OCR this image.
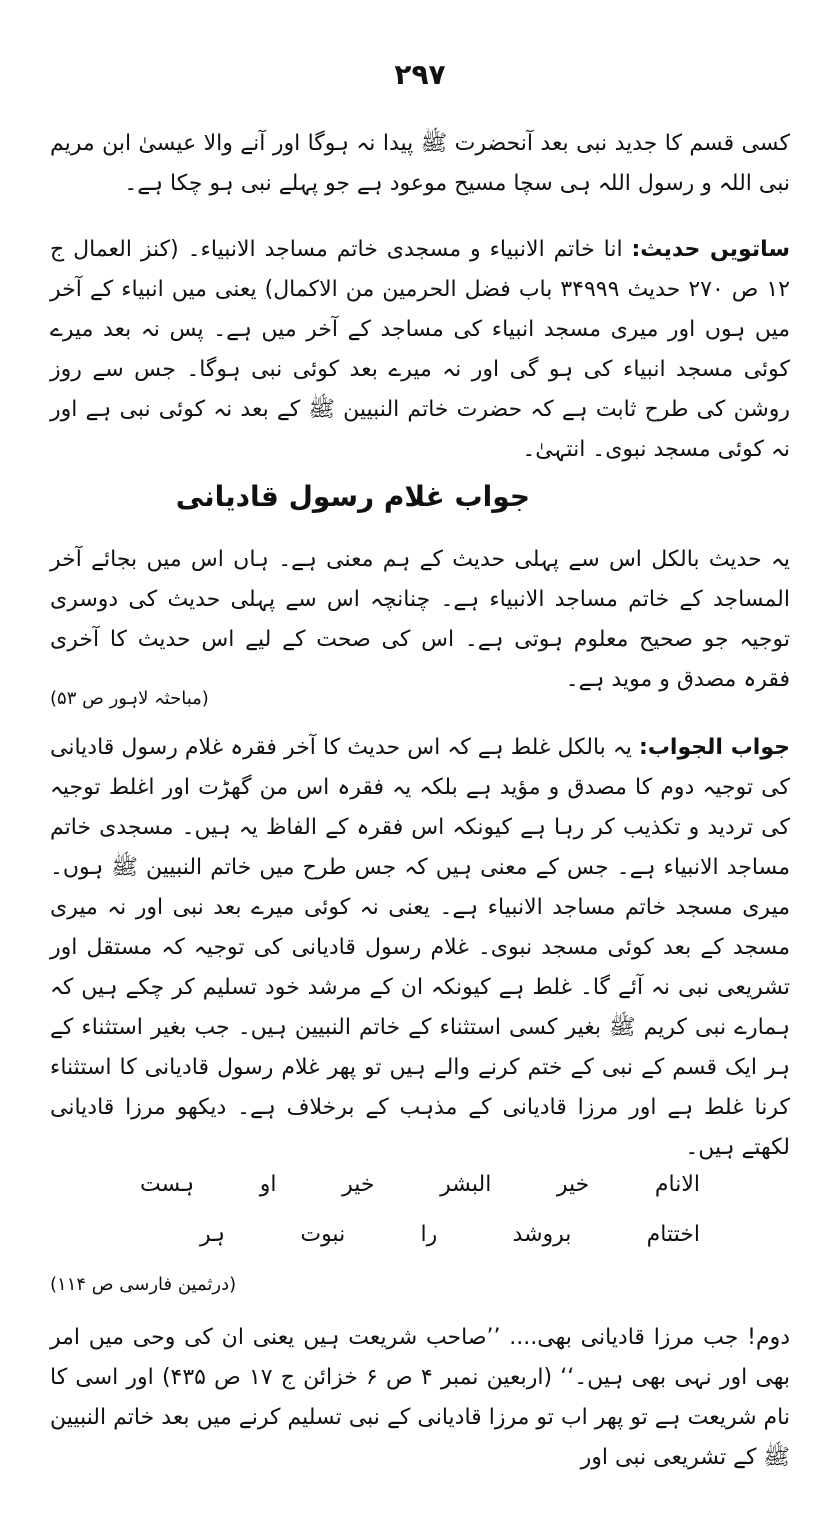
۲۹۷
کسی قسم کا جدید نبی بعد آنحضرت ﷺ پیدا نہ ہوگا اور آنے والا عیسیٰ ابن مریم نبی اللہ و رسول اللہ ہی سچا مسیح موعود ہے جو پہلے نبی ہو چکا ہے۔
ساتویں حدیث: انا خاتم الانبیاء و مسجدی خاتم مساجد الانبیاء۔ (کنز العمال ج ۱۲ ص ۲۷۰ حدیث ۳۴۹۹۹ باب فضل الحرمین من الاکمال) یعنی میں انبیاء کے آخر میں ہوں اور میری مسجد انبیاء کی مساجد کے آخر میں ہے۔ پس نہ بعد میرے کوئی مسجد انبیاء کی ہو گی اور نہ میرے بعد کوئی نبی ہوگا۔ جس سے روز روشن کی طرح ثابت ہے کہ حضرت خاتم النبیین ﷺ کے بعد نہ کوئی نبی ہے اور نہ کوئی مسجد نبوی۔ انتہیٰ۔
جواب غلام رسول قادیانی
یہ حدیث بالکل اس سے پہلی حدیث کے ہم معنی ہے۔ ہاں اس میں بجائے آخر المساجد کے خاتم مساجد الانبیاء ہے۔ چنانچہ اس سے پہلی حدیث کی دوسری توجیہ جو صحیح معلوم ہوتی ہے۔ اس کی صحت کے لیے اس حدیث کا آخری فقرہ مصدق و موید ہے۔
(مباحثہ لاہور ص ۵۳)
جواب الجواب: یہ بالکل غلط ہے کہ اس حدیث کا آخر فقرہ غلام رسول قادیانی کی توجیہ دوم کا مصدق و مؤید ہے بلکہ یہ فقرہ اس من گھڑت اور اغلط توجیہ کی تردید و تکذیب کر رہا ہے کیونکہ اس فقرہ کے الفاظ یہ ہیں۔ مسجدی خاتم مساجد الانبیاء ہے۔ جس کے معنی ہیں کہ جس طرح میں خاتم النبیین ﷺ ہوں۔ میری مسجد خاتم مساجد الانبیاء ہے۔ یعنی نہ کوئی میرے بعد نبی اور نہ میری مسجد کے بعد کوئی مسجد نبوی۔ غلام رسول قادیانی کی توجیہ کہ مستقل اور تشریعی نبی نہ آئے گا۔ غلط ہے کیونکہ ان کے مرشد خود تسلیم کر چکے ہیں کہ ہمارے نبی کریم ﷺ بغیر کسی استثناء کے خاتم النبیین ہیں۔ جب بغیر استثناء کے ہر ایک قسم کے نبی کے ختم کرنے والے ہیں تو پھر غلام رسول قادیانی کا استثناء کرنا غلط ہے اور مرزا قادیانی کے مذہب کے برخلاف ہے۔ دیکھو مرزا قادیانی لکھتے ہیں۔
ہست	او	خیر	البشر	خیر	الانام
ہر	نبوت	را	بروشد	اختتام
(درثمین فارسی ص ۱۱۴)
دوم! جب مرزا قادیانی بھی.... ’’صاحب شریعت ہیں یعنی ان کی وحی میں امر بھی اور نہی بھی ہیں۔‘‘ (اربعین نمبر ۴ ص ۶ خزائن ج ۱۷ ص ۴۳۵) اور اسی کا نام شریعت ہے تو پھر اب تو مرزا قادیانی کے نبی تسلیم کرنے میں بعد خاتم النبیین ﷺ کے تشریعی نبی اور
